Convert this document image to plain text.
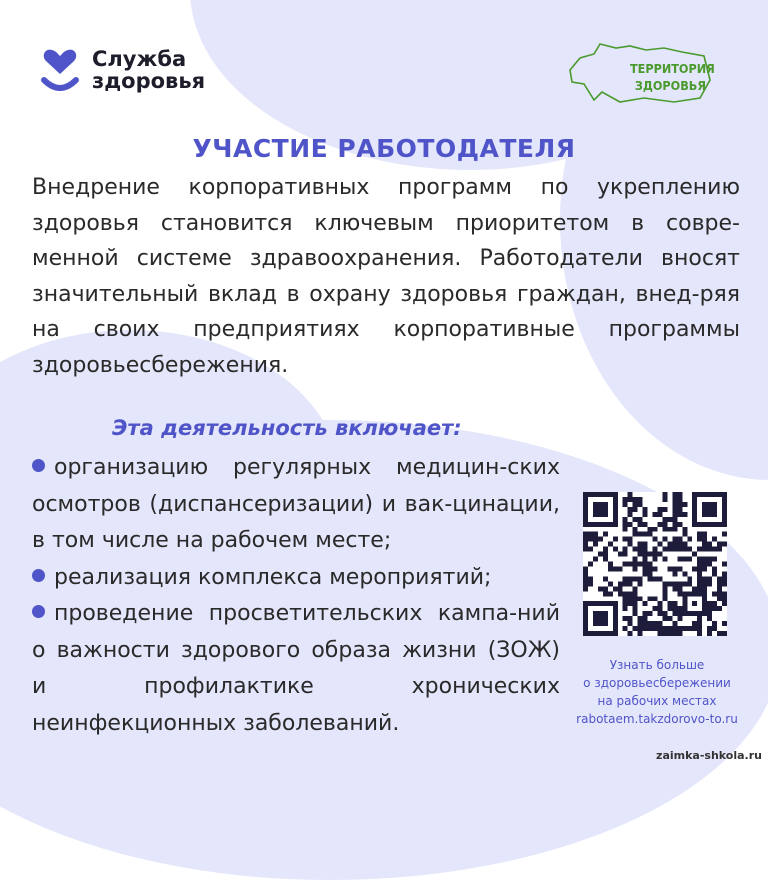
Служба здоровья
ТЕРРИТОРИЯ ЗДОРОВЬЯ
УЧАСТИЕ РАБОТОДАТЕЛЯ
Внедрение корпоративных программ по укреплению здоровья становится ключевым приоритетом в совре-менной системе здравоохранения. Работодатели вносят значительный вклад в охрану здоровья граждан, внед-ряя на своих предприятиях корпоративные программы здоровьесбережения.
Эта деятельность включает:
организацию регулярных медицин-ских осмотров (диспансеризации) и вак-цинации, в том числе на рабочем месте;
реализация комплекса мероприятий;
проведение просветительских кампа-ний о важности здорового образа жизни (ЗОЖ) и профилактике хронических неинфекционных заболеваний.
Узнать больше
о здоровьесбережении
на рабочих местах
rabotaem.takzdorovo-to.ru
zaimka-shkola.ru
